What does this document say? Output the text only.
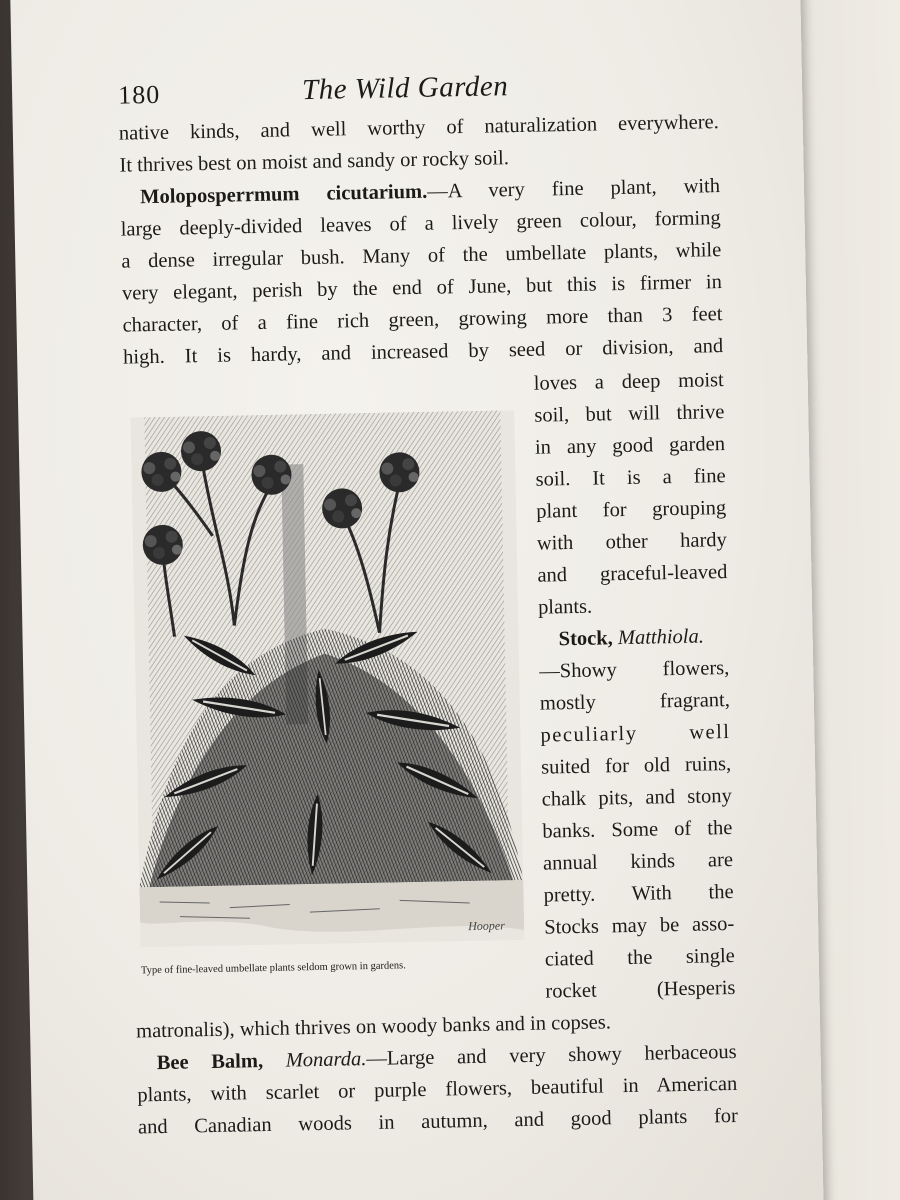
180	The Wild Garden
native kinds, and well worthy of naturalization everywhere.
It thrives best on moist and sandy or rocky soil.
Moloposperrmum cicutarium.—A very fine plant, with
large deeply-divided leaves of a lively green colour, forming
a dense irregular bush. Many of the umbellate plants, while
very elegant, perish by the end of June, but this is firmer in
character, of a fine rich green, growing more than 3 feet
high. It is hardy, and increased by seed or division, and
loves a deep moist
soil, but will thrive
in any good garden
soil. It is a fine
plant for grouping
with other hardy
and graceful-leaved
plants.
Stock, Matthiola.
—Showy flowers,
mostly fragrant,
peculiarly well
suited for old ruins,
chalk pits, and stony
banks. Some of the
annual kinds are
pretty. With the
Stocks may be asso-
ciated the single
rocket (Hesperis
matronalis), which thrives on woody banks and in copses.
Bee Balm, Monarda.—Large and very showy herbaceous
plants, with scarlet or purple flowers, beautiful in American
and Canadian woods in autumn, and good plants for
Hooper
Type of fine-leaved umbellate plants seldom grown in gardens.
